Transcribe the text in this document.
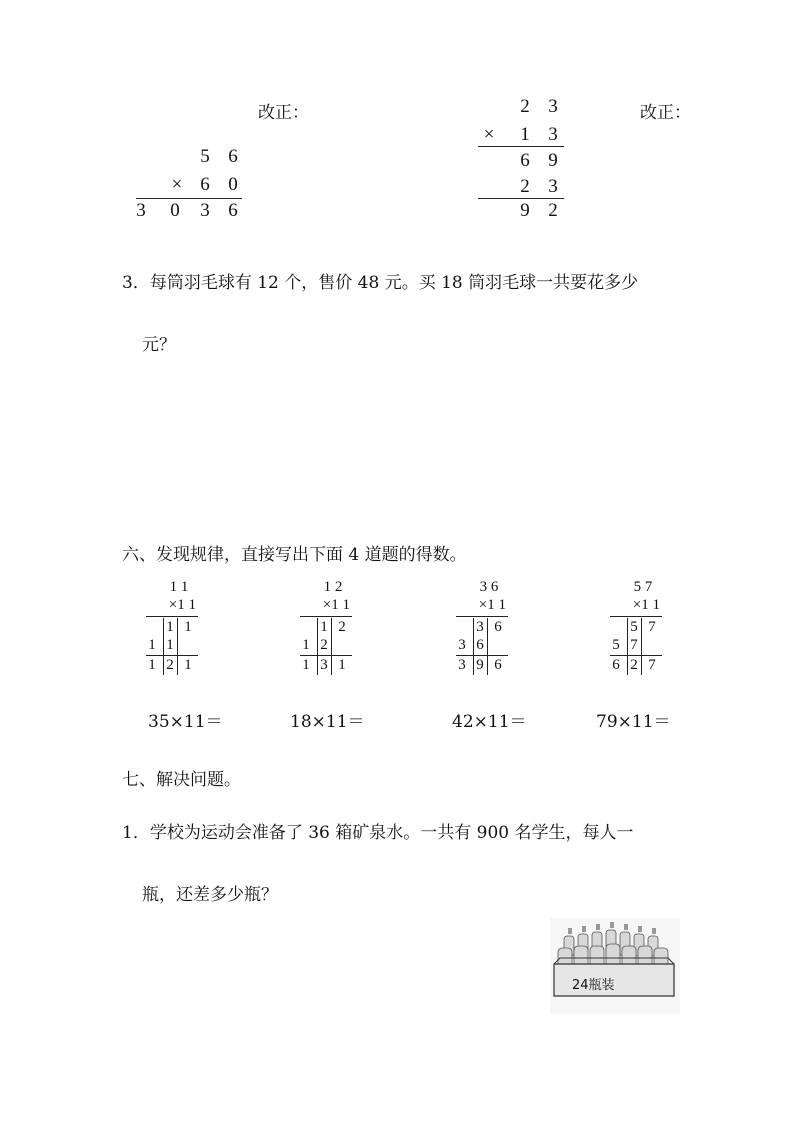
改正：	改正：
5 6
× 6 0
3	0	3 6
2 3
×	1 3
6 9
2 3
9 2
3．每筒羽毛球有 12 个，售价 48 元。买 18 筒羽毛球一共要花多少
元？
六、发现规律，直接写出下面 4 道题的得数。
1 1
×1 1
1 1
1 1
1 2 1
1 2
×1 1
1 2
1 2
1 3 1
3 6
×1 1
3 6
3 6
3 9 6
5 7
×1 1
5 7
5 7
6 2 7
35×11＝	18×11＝	42×11＝	79×11＝
七、解决问题。
1．学校为运动会准备了 36 箱矿泉水。一共有 900 名学生，每人一
瓶，还差多少瓶？
24瓶装
